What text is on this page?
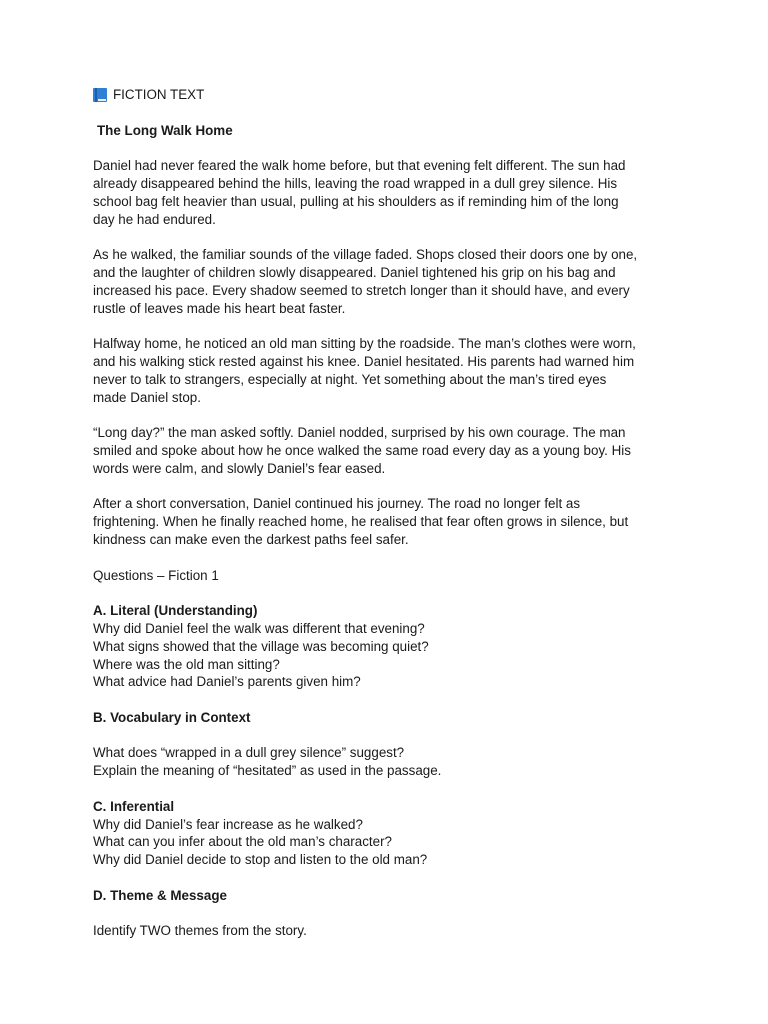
FICTION TEXT
The Long Walk Home
Daniel had never feared the walk home before, but that evening felt different. The sun had
already disappeared behind the hills, leaving the road wrapped in a dull grey silence. His
school bag felt heavier than usual, pulling at his shoulders as if reminding him of the long
day he had endured.
As he walked, the familiar sounds of the village faded. Shops closed their doors one by one,
and the laughter of children slowly disappeared. Daniel tightened his grip on his bag and
increased his pace. Every shadow seemed to stretch longer than it should have, and every
rustle of leaves made his heart beat faster.
Halfway home, he noticed an old man sitting by the roadside. The man’s clothes were worn,
and his walking stick rested against his knee. Daniel hesitated. His parents had warned him
never to talk to strangers, especially at night. Yet something about the man’s tired eyes
made Daniel stop.
“Long day?” the man asked softly. Daniel nodded, surprised by his own courage. The man
smiled and spoke about how he once walked the same road every day as a young boy. His
words were calm, and slowly Daniel’s fear eased.
After a short conversation, Daniel continued his journey. The road no longer felt as
frightening. When he finally reached home, he realised that fear often grows in silence, but
kindness can make even the darkest paths feel safer.
Questions – Fiction 1
A. Literal (Understanding)
Why did Daniel feel the walk was different that evening?
What signs showed that the village was becoming quiet?
Where was the old man sitting?
What advice had Daniel’s parents given him?
B. Vocabulary in Context
What does “wrapped in a dull grey silence” suggest?
Explain the meaning of “hesitated” as used in the passage.
C. Inferential
Why did Daniel’s fear increase as he walked?
What can you infer about the old man’s character?
Why did Daniel decide to stop and listen to the old man?
D. Theme & Message
Identify TWO themes from the story.
